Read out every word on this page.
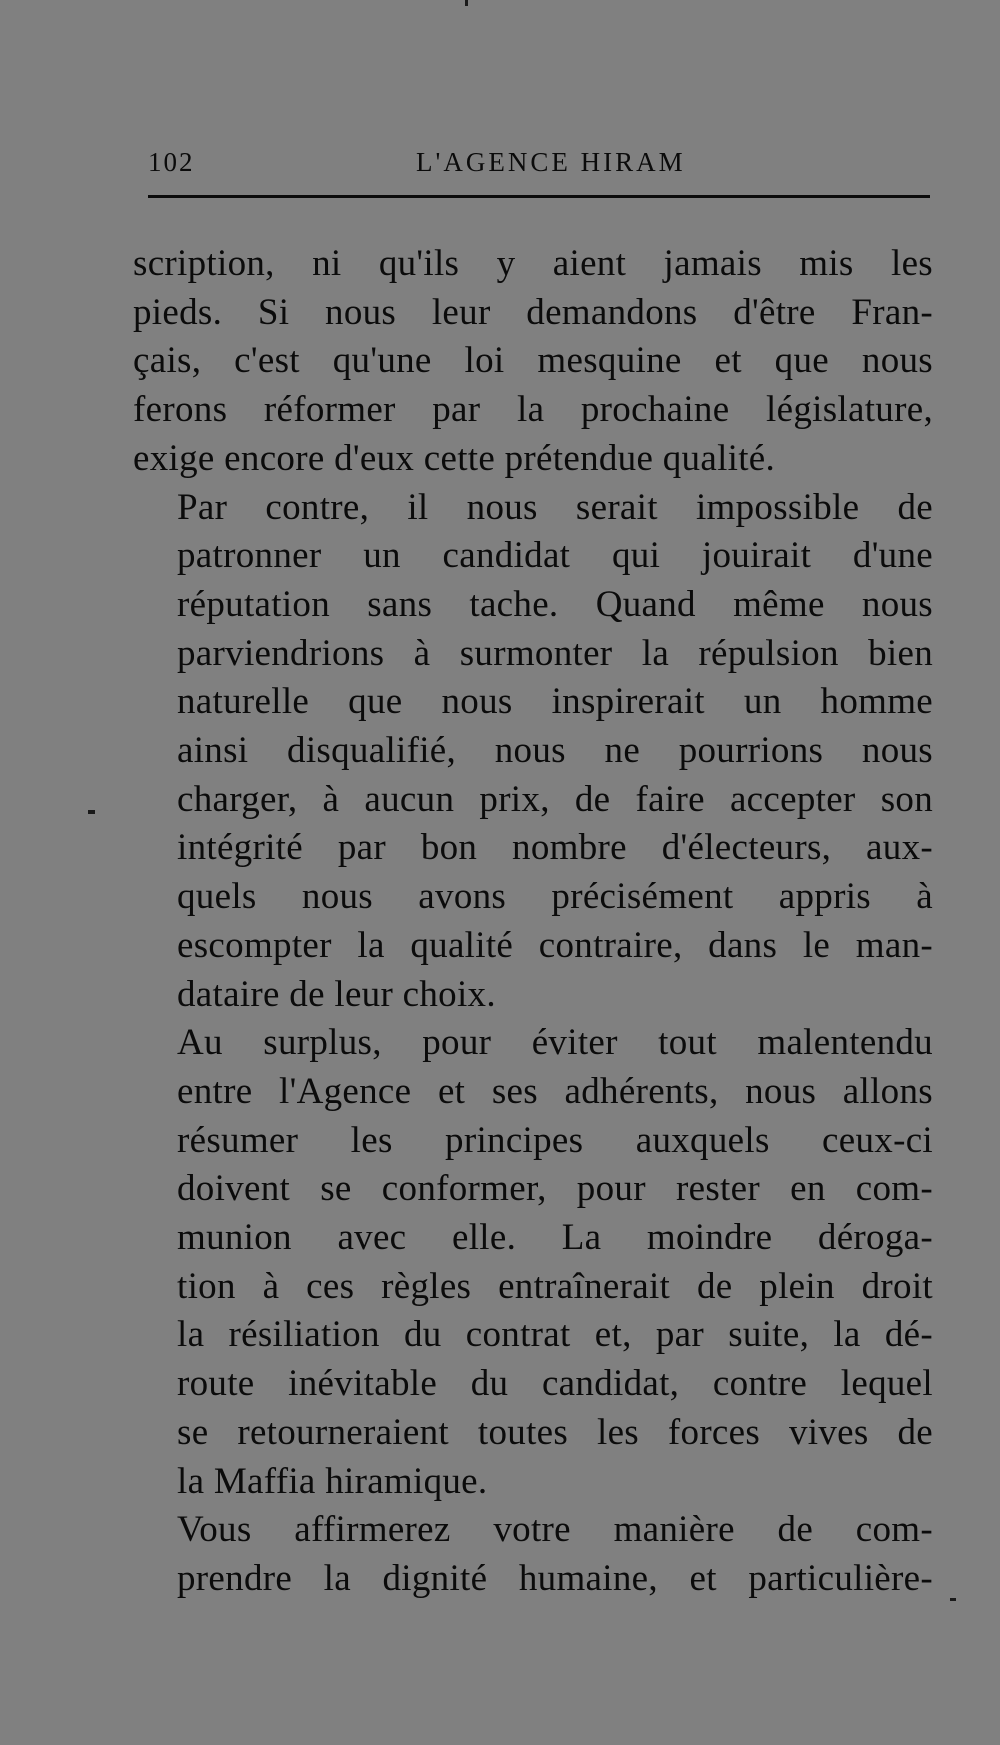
102	L'AGENCE HIRAM

scription, ni qu'ils y aient jamais mis les
pieds. Si nous leur demandons d'être Fran-
çais, c'est qu'une loi mesquine et que nous
ferons réformer par la prochaine législature,
exige encore d'eux cette prétendue qualité.

Par contre, il nous serait impossible de
patronner un candidat qui jouirait d'une
réputation sans tache. Quand même nous
parviendrions à surmonter la répulsion bien
naturelle que nous inspirerait un homme
ainsi disqualifié, nous ne pourrions nous
charger, à aucun prix, de faire accepter son
intégrité par bon nombre d'électeurs, aux-
quels nous avons précisément appris à
escompter la qualité contraire, dans le man-
dataire de leur choix.

Au surplus, pour éviter tout malentendu
entre l'Agence et ses adhérents, nous allons
résumer les principes auxquels ceux-ci
doivent se conformer, pour rester en com-
munion avec elle. La moindre déroga-
tion à ces règles entraînerait de plein droit
la résiliation du contrat et, par suite, la dé-
route inévitable du candidat, contre lequel
se retourneraient toutes les forces vives de
la Maffia hiramique.

Vous affirmerez votre manière de com-
prendre la dignité humaine, et particulière-
